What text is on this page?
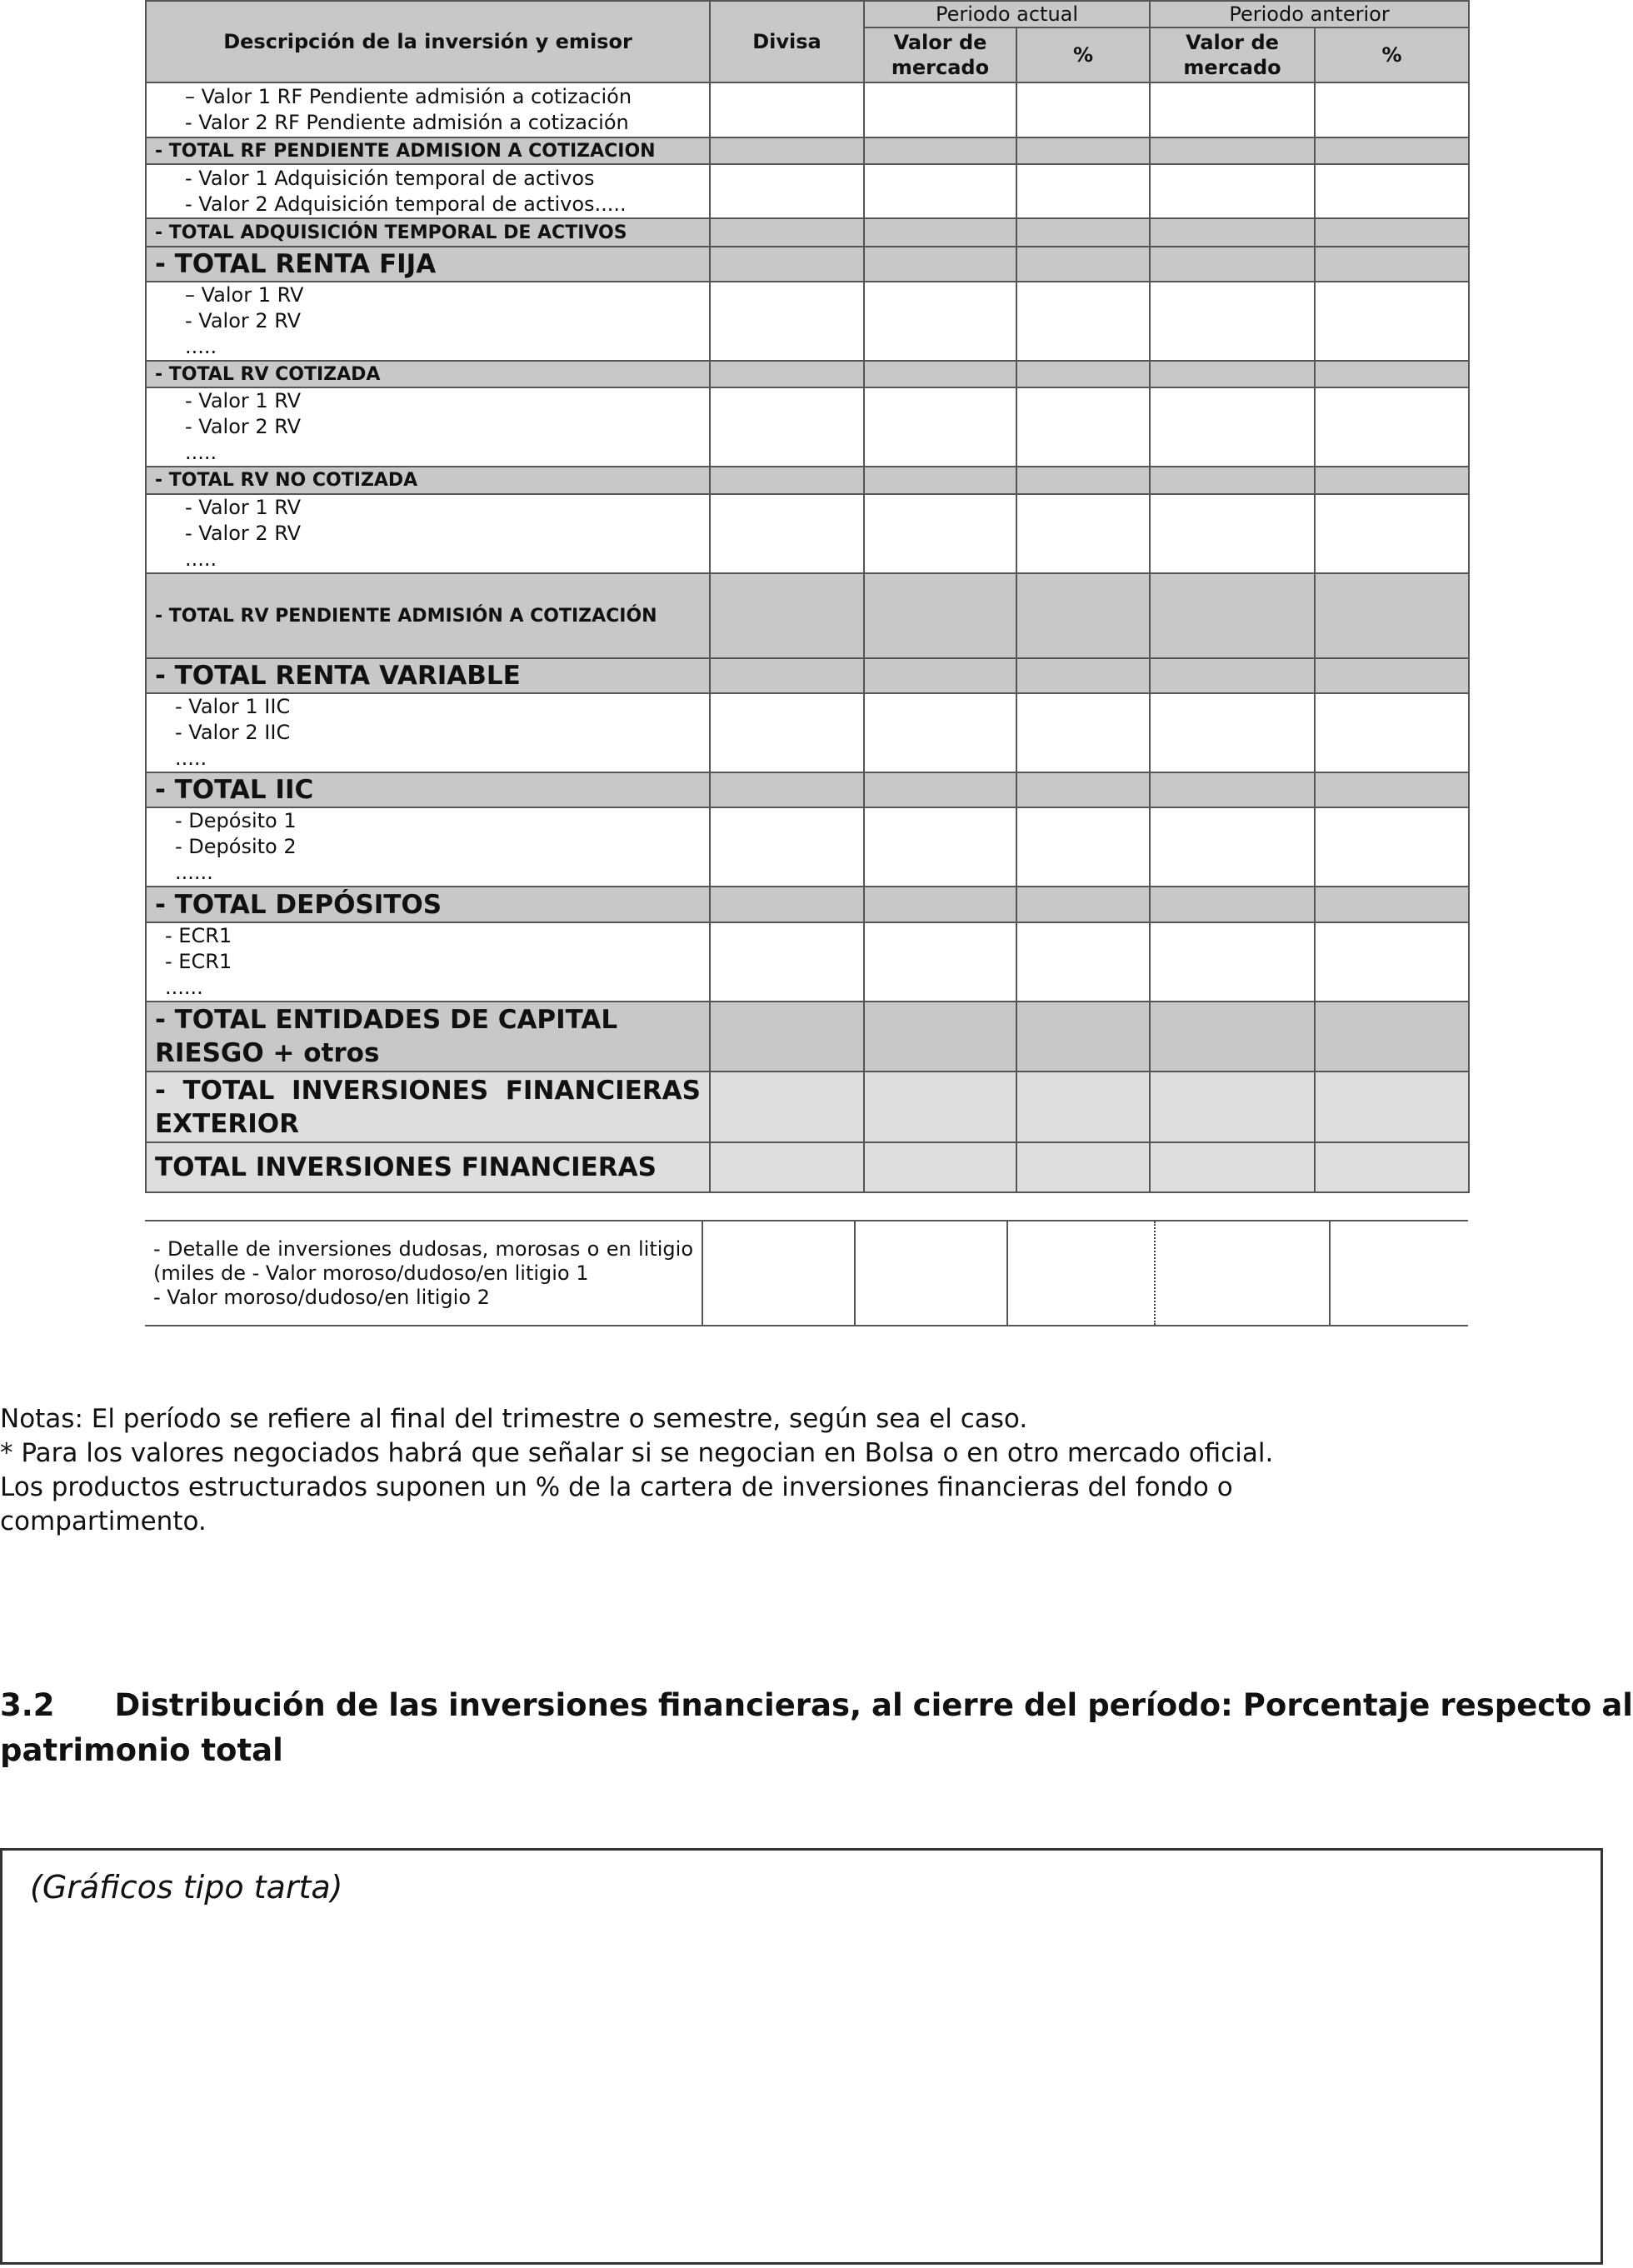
Descripción de la inversión y emisor	Divisa	Periodo actual		Periodo anterior	
		Valor de mercado	%	Valor de mercado	%

– Valor 1 RF Pendiente admisión a cotización
- Valor 2 RF Pendiente admisión a cotización					

- TOTAL RF PENDIENTE ADMISION A COTIZACION					

- Valor 1 Adquisición temporal de activos
- Valor 2 Adquisición temporal de activos.....					

- TOTAL ADQUISICIÓN TEMPORAL DE ACTIVOS					
- TOTAL RENTA FIJA					

– Valor 1 RV
- Valor 2 RV
.....					

- TOTAL RV COTIZADA					

- Valor 1 RV
- Valor 2 RV
.....					

- TOTAL RV NO COTIZADA					

- Valor 1 RV
- Valor 2 RV
.....					

- TOTAL RV PENDIENTE ADMISIÓN A COTIZACIÓN					
- TOTAL RENTA VARIABLE					

- Valor 1 IIC
- Valor 2 IIC
.....					

- TOTAL IIC					

- Depósito 1
- Depósito 2
......					

- TOTAL DEPÓSITOS					

- ECR1
- ECR1
......					

- TOTAL ENTIDADES DE CAPITAL RIESGO + otros					
- TOTAL INVERSIONES FINANCIERAS EXTERIOR					
TOTAL INVERSIONES FINANCIERAS					
- Detalle de inversiones dudosas, morosas o en litigio (miles de - Valor moroso/dudoso/en litigio 1
- Valor moroso/dudoso/en litigio 2					
Notas: El período se refiere al final del trimestre o semestre, según sea el caso.
* Para los valores negociados habrá que señalar si se negocian en Bolsa o en otro mercado oficial.
Los productos estructurados suponen un % de la cartera de inversiones financieras del fondo o
compartimento.
3.2 Distribución de las inversiones financieras, al cierre del período: Porcentaje respecto al
patrimonio total
(Gráficos tipo tarta)
